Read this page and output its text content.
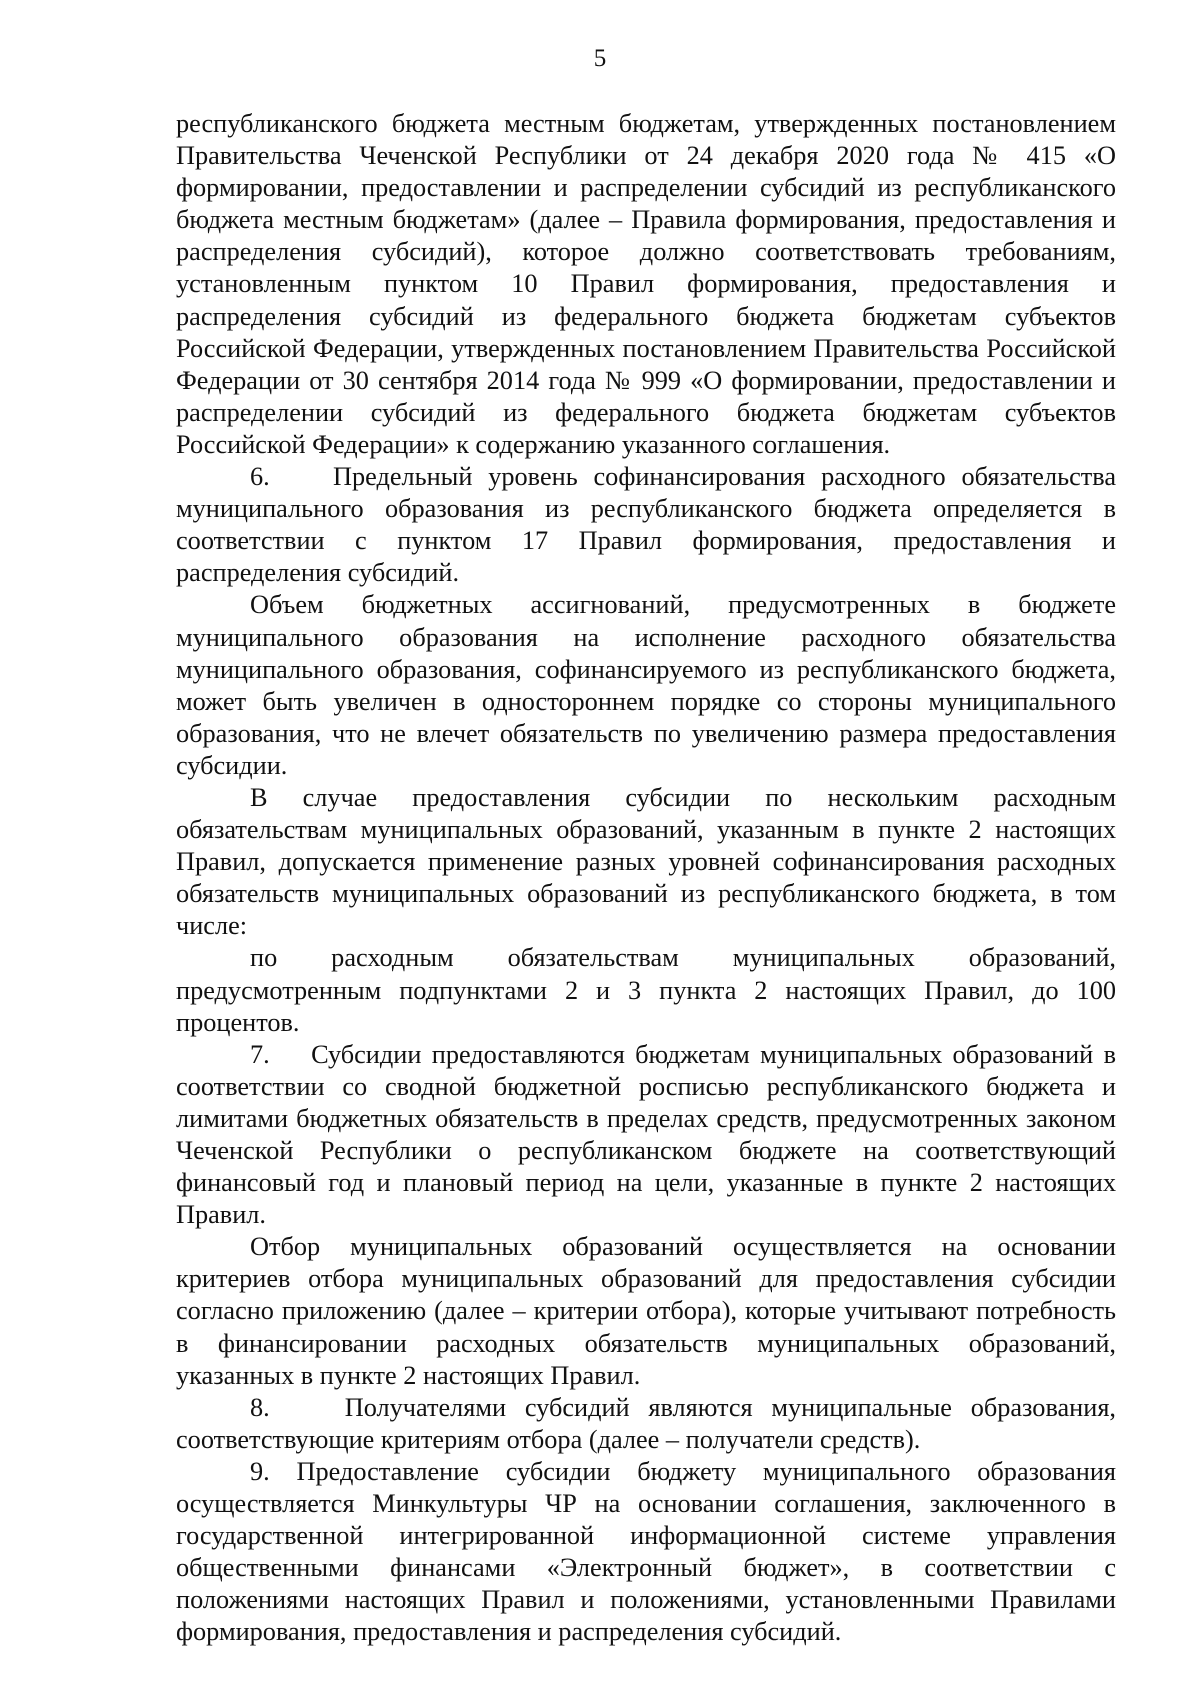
5

республиканского бюджета местным бюджетам, утвержденных постановлением Правительства Чеченской Республики от 24 декабря 2020 года № 415 «О формировании, предоставлении и распределении субсидий из республиканского бюджета местным бюджетам» (далее – Правила формирования, предоставления и распределения субсидий), которое должно соответствовать требованиям, установленным пунктом 10 Правил формирования, предоставления и распределения субсидий из федерального бюджета бюджетам субъектов Российской Федерации, утвержденных постановлением Правительства Российской Федерации от 30 сентября 2014 года № 999 «О формировании, предоставлении и распределении субсидий из федерального бюджета бюджетам субъектов Российской Федерации» к содержанию указанного соглашения.

6.    Предельный уровень софинансирования расходного обязательства муниципального образования из республиканского бюджета определяется в соответствии с пунктом 17 Правил формирования, предоставления и распределения субсидий.

Объем бюджетных ассигнований, предусмотренных в бюджете муниципального образования на исполнение расходного обязательства муниципального образования, софинансируемого из республиканского бюджета, может быть увеличен в одностороннем порядке со стороны муниципального образования, что не влечет обязательств по увеличению размера предоставления субсидии.

В случае предоставления субсидии по нескольким расходным обязательствам муниципальных образований, указанным в пункте 2 настоящих Правил, допускается применение разных уровней софинансирования расходных обязательств муниципальных образований из республиканского бюджета, в том числе:

по расходным обязательствам муниципальных образований, предусмотренным подпунктами 2 и 3 пункта 2 настоящих Правил, до 100 процентов.

7.    Субсидии предоставляются бюджетам муниципальных образований в соответствии со сводной бюджетной росписью республиканского бюджета и лимитами бюджетных обязательств в пределах средств, предусмотренных законом Чеченской Республики о республиканском бюджете на соответствующий финансовый год и плановый период на цели, указанные в пункте 2 настоящих Правил.

Отбор муниципальных образований осуществляется на основании критериев отбора муниципальных образований для предоставления субсидии согласно приложению (далее – критерии отбора), которые учитывают потребность в финансировании расходных обязательств муниципальных образований, указанных в пункте 2 настоящих Правил.

8.    Получателями субсидий являются муниципальные образования, соответствующие критериям отбора (далее – получатели средств).

9. Предоставление субсидии бюджету муниципального образования осуществляется Минкультуры ЧР на основании соглашения, заключенного в государственной интегрированной информационной системе управления общественными финансами «Электронный бюджет», в соответствии с положениями настоящих Правил и положениями, установленными Правилами формирования, предоставления и распределения субсидий.
